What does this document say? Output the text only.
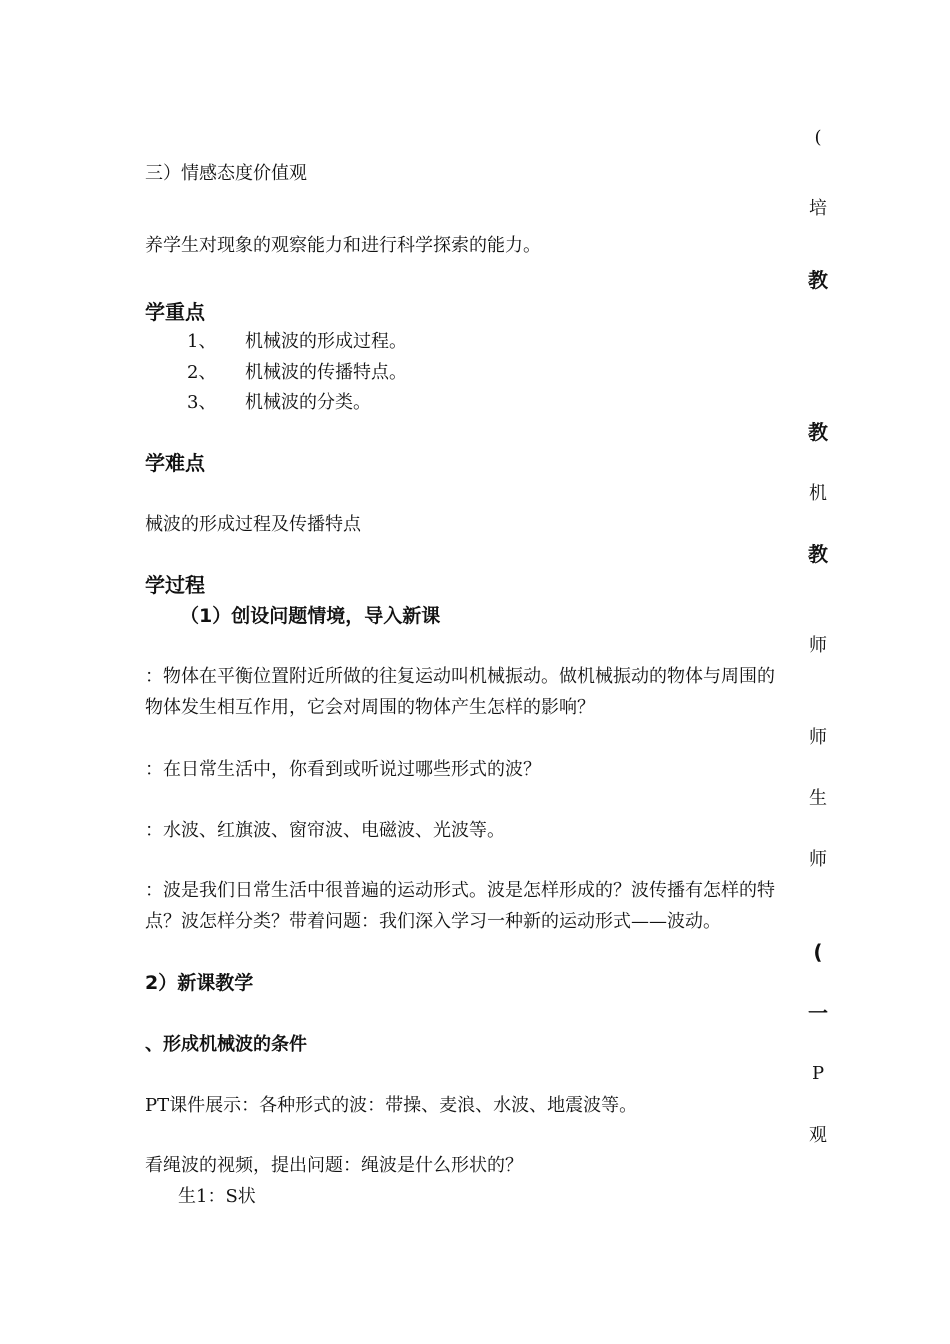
(
培
教
教
机
教
师
师
生
师
(
一
P
观
三）情感态度价值观
养学生对现象的观察能力和进行科学探索的能力。
学重点
1、 机械波的形成过程。
2、 机械波的传播特点。
3、 机械波的分类。
学难点
械波的形成过程及传播特点
学过程
（1）创设问题情境，导入新课
：物体在平衡位置附近所做的往复运动叫机械振动。做机械振动的物体与周围的
物体发生相互作用，它会对周围的物体产生怎样的影响？
：在日常生活中，你看到或听说过哪些形式的波？
：水波、红旗波、窗帘波、电磁波、光波等。
：波是我们日常生活中很普遍的运动形式。波是怎样形成的？波传播有怎样的特
点？波怎样分类？带着问题：我们深入学习一种新的运动形式——波动。
2）新课教学
、形成机械波的条件
PT课件展示：各种形式的波：带操、麦浪、水波、地震波等。
看绳波的视频，提出问题：绳波是什么形状的？
生1：S状
